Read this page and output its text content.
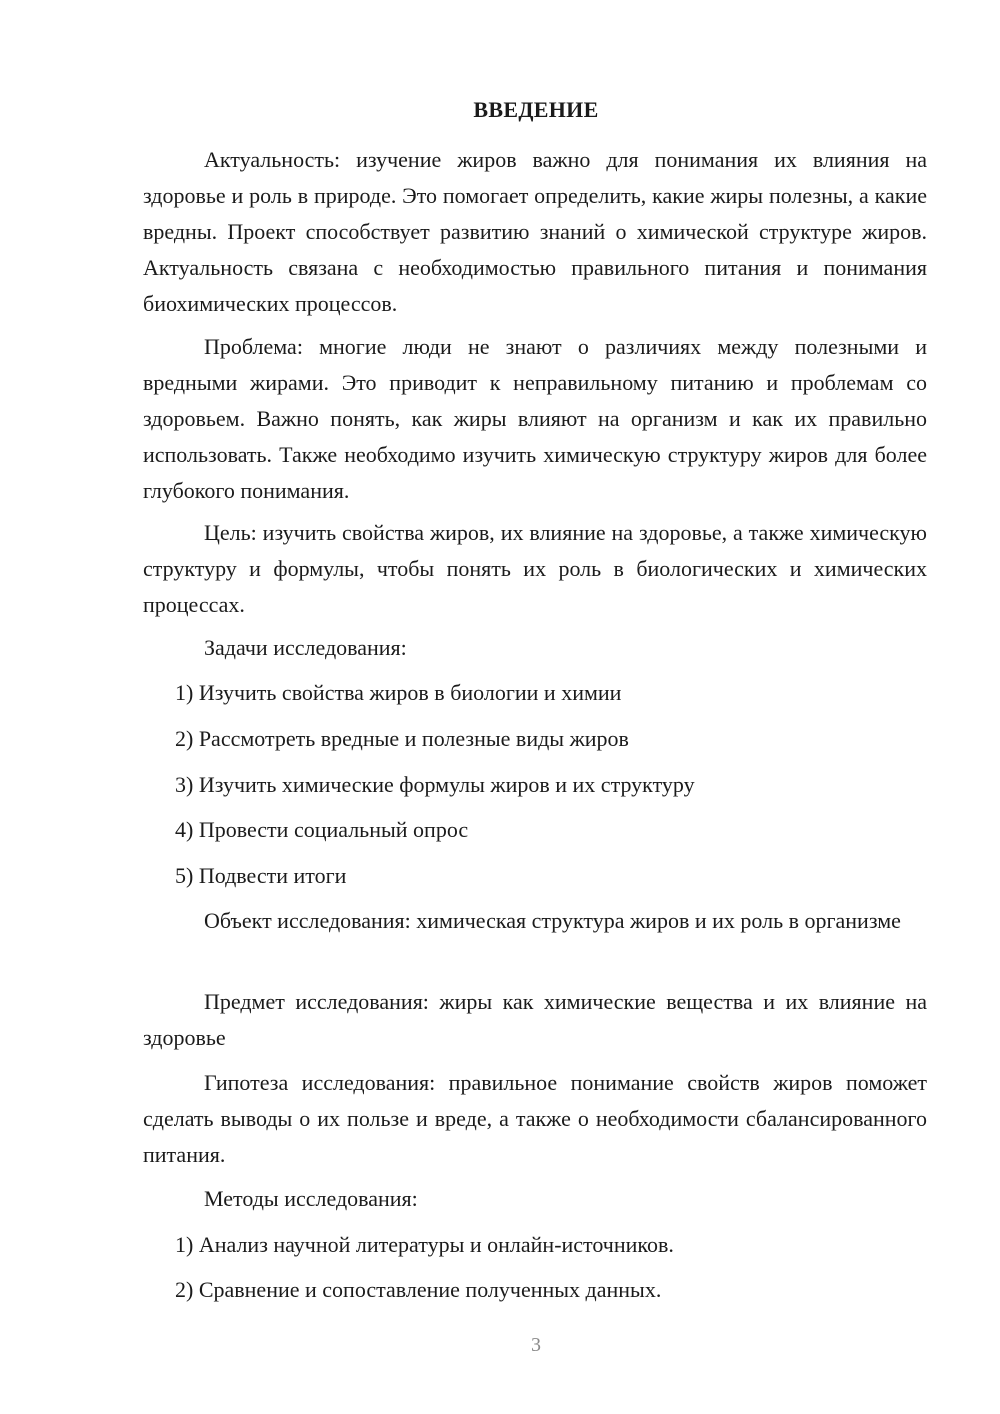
ВВЕДЕНИЕ

Актуальность: изучение жиров важно для понимания их влияния на здоровье и роль в природе. Это помогает определить, какие жиры полезны, а какие вредны. Проект способствует развитию знаний о химической структуре жиров. Актуальность связана с необходимостью правильного питания и понимания биохимических процессов.

Проблема: многие люди не знают о различиях между полезными и вредными жирами. Это приводит к неправильному питанию и проблемам со здоровьем. Важно понять, как жиры влияют на организм и как их правильно использовать. Также необходимо изучить химическую структуру жиров для более глубокого понимания.

Цель: изучить свойства жиров, их влияние на здоровье, а также химическую структуру и формулы, чтобы понять их роль в биологических и химических процессах.

Задачи исследования:

1) Изучить свойства жиров в биологии и химии

2) Рассмотреть вредные и полезные виды жиров

3) Изучить химические формулы жиров и их структуру

4) Провести социальный опрос

5) Подвести итоги

Объект исследования: химическая структура жиров и их роль в организме

Предмет исследования: жиры как химические вещества и их влияние на здоровье

Гипотеза исследования: правильное понимание свойств жиров поможет сделать выводы о их пользе и вреде, а также о необходимости сбалансированного питания.

Методы исследования:

1) Анализ научной литературы и онлайн-источников.

2) Сравнение и сопоставление полученных данных.

3
